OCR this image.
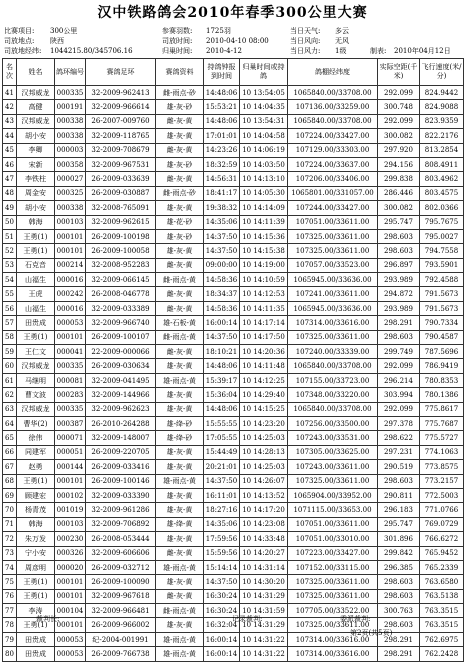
汉中铁路鸽会2010年春季300公里大赛
比赛项目: 300公里	参赛羽数: 1725羽	当日天气: 多云
司放地点: 陕西	司放时间: 2010-04-10 08:00	当日风向: 无风
司放地经纬: 1044215.80/345706.16	归巢时间: 2010-4-12	当日风力: 1级	制表: 2010年04月12日
名次	姓名	鸽环编号	赛鸽足环	赛鸽资料	持鸽钟报到时间	归巢时间或持鸽	鸽棚经纬度	实际空距(千米)	飞行速度(米/分)
41	汉邦威龙	000335	32-2009-962413	雌-雨点-砂	14:48:06	10 13:54:05	1065840.00/33708.00	292.099	824.9442
42	高健	000191	32-2009-966614	雄-灰-砂	15:53:21	10 14:04:35	107136.00/33259.00	300.748	824.9088
43	汉邦威龙	000338	26-2007-009760	雌-灰-黄	14:48:06	10 13:54:31	1065840.00/33708.00	292.099	823.9359
44	胡小安	000338	32-2009-118765	雄-灰-黄	17:01:01	10 14:04:58	107224.00/33427.00	300.082	822.2176
45	李卿	000003	32-2009-708679	雌-灰-黄	14:23:26	10 14:06:19	107129.00/33303.00	297.920	813.2854
46	宋新	000358	32-2009-967531	雄-灰-砂	18:32:59	10 14:03:50	107224.00/33637.00	294.156	808.4911
47	李铁柱	000027	26-2009-033639	雌-灰-黄	14:56:31	10 14:13:10	107206.00/33406.00	299.838	803.4962
48	周金安	000325	26-2009-030887	雌-雨点-砂	18:41:17	10 14:05:30	1065801.00/331057.00	286.446	803.4575
49	胡小安	000338	32-2008-765091	雄-灰-黄	19:38:32	10 14:14:09	107244.00/33427.00	300.082	802.0366
50	韩海	000103	32-2009-962615	雄-花-砂	14:35:06	10 14:11:39	107051.00/33611.00	295.747	795.7675
51	王勇(1)	000101	26-2009-100198	雄-灰-砂	14:37:50	10 14:15:36	107325.00/33611.00	298.603	795.0027
52	王勇(1)	000101	26-2009-100058	雄-灰-黄	14:37:50	10 14:15:38	107325.00/33611.00	298.603	794.7558
53	石克音	000214	32-2008-952283	雌-灰-黄	09:00:00	10 14:19:00	107057.00/33523.00	296.897	793.5901
54	山福生	000016	32-2009-066145	雌-雨点-黄	14:58:36	10 14:10:59	1065945.00/33636.00	293.989	792.4588
55	王虎	000242	26-2008-046778	雌-灰-黄	18:34:37	10 14:12:53	107241.00/33611.00	294.872	791.5673
56	山福生	000016	32-2009-033389	雌-灰-黄	14:58:36	10 14:11:35	1065945.00/33636.00	293.989	791.5673
57	田贵成	000053	32-2009-966740	雄-石板-黄	16:00:14	10 14:17:14	107314.00/33616.00	298.291	790.7334
58	王勇(1)	000101	26-2009-100107	雌-雨点-黄	14:37:50	10 14:17:50	107325.00/33611.00	298.603	790.4587
59	王仁文	000041	22-2009-000066	雌-灰-黄	18:10:21	10 14:20:36	107240.00/33339.00	299.749	787.5696
60	汉邦威龙	000335	26-2009-030634	雄-灰-黄	14:48:06	10 14:11:48	1065840.00/33708.00	292.099	786.9419
61	马继明	000081	32-2009-041495	雄-雨点-黄	15:39:17	10 14:12:25	107155.00/33723.00	296.214	780.8353
62	曹文波	000283	32-2009-144966	雄-灰-黄	15:36:04	10 14:29:40	107348.00/33220.00	303.994	780.1386
63	汉邦威龙	000335	32-2009-962623	雄-灰-黄	14:48:06	10 14:15:25	1065840.00/33708.00	292.099	775.8617
64	曹华(2)	000387	26-2010-264288	雄-绛-砂	15:55:55	10 14:23:20	107256.00/33500.00	297.378	775.7687
65	徐伟	000071	32-2009-148007	雄-绛-砂	17:05:55	10 14:25:03	107243.00/33531.00	298.622	775.5727
66	同建军	000051	26-2009-220705	雄-灰-黄	15:44:49	10 14:28:13	107305.00/33625.00	297.231	774.1063
67	赵勇	000144	26-2009-033416	雄-灰-黄	20:21:01	10 14:25:03	107243.00/33611.00	290.519	773.8575
68	王勇(1)	000101	26-2009-100146	雄-雨点-黄	14:37:50	10 14:26:07	107325.00/33611.00	298.603	773.2157
69	顾建宏	000102	32-2009-033390	雄-灰-黄	16:11:01	10 14:13:52	1065904.00/33952.00	290.811	772.5003
70	杨青茂	001019	32-2009-961286	雄-灰-黄	18:27:16	10 14:17:20	1071115.00/33653.00	296.183	771.0766
71	韩海	000103	32-2009-706892	雄-绛-黄	14:35:06	10 14:23:08	107051.00/33611.00	295.747	769.0729
72	朱万发	000230	26-2008-053444	雄-灰-黄	17:59:56	10 14:33:48	107051.00/33010.00	301.896	766.6272
73	宁小安	000326	32-2009-606606	雌-灰-黄	15:59:56	10 14:20:27	107223.00/33427.00	299.842	765.9452
74	周彦明	000020	26-2009-032712	雄-雨点-黄	15:14:14	10 14:31:14	107152.00/33115.00	296.385	765.2339
75	王勇(1)	000101	26-2009-100090	雄-灰-黄	14:37:50	10 14:30:20	107325.00/33611.00	298.603	763.6580
76	王勇(1)	000101	32-2009-967618	雌-灰-黄	16:30:24	10 14:31:29	107325.00/33611.00	298.603	763.5138
77	李涛	000104	32-2009-966481	雌-雨点-黄	16:30:24	10 14:31:59	107705.00/33522.00	300.763	763.3515
78	王勇(1)	000101	26-2009-966002	雄-灰-黄	16:32:04	10 14:31:29	107325.00/33611.00	298.603	763.3515
79	田贵成	000053	纪-2004-001991	雄-雨点-黄	16:00:14	10 14:31:22	107314.00/33616.00	298.291	762.6975
80	田贵成	000053	26-2009-766738	雄-雨点-黄	16:00:14	10 14:31:22	107314.00/33616.00	298.291	762.2428
裁判长:	记录裁判:	委派裁判:
第2页(共5页)
